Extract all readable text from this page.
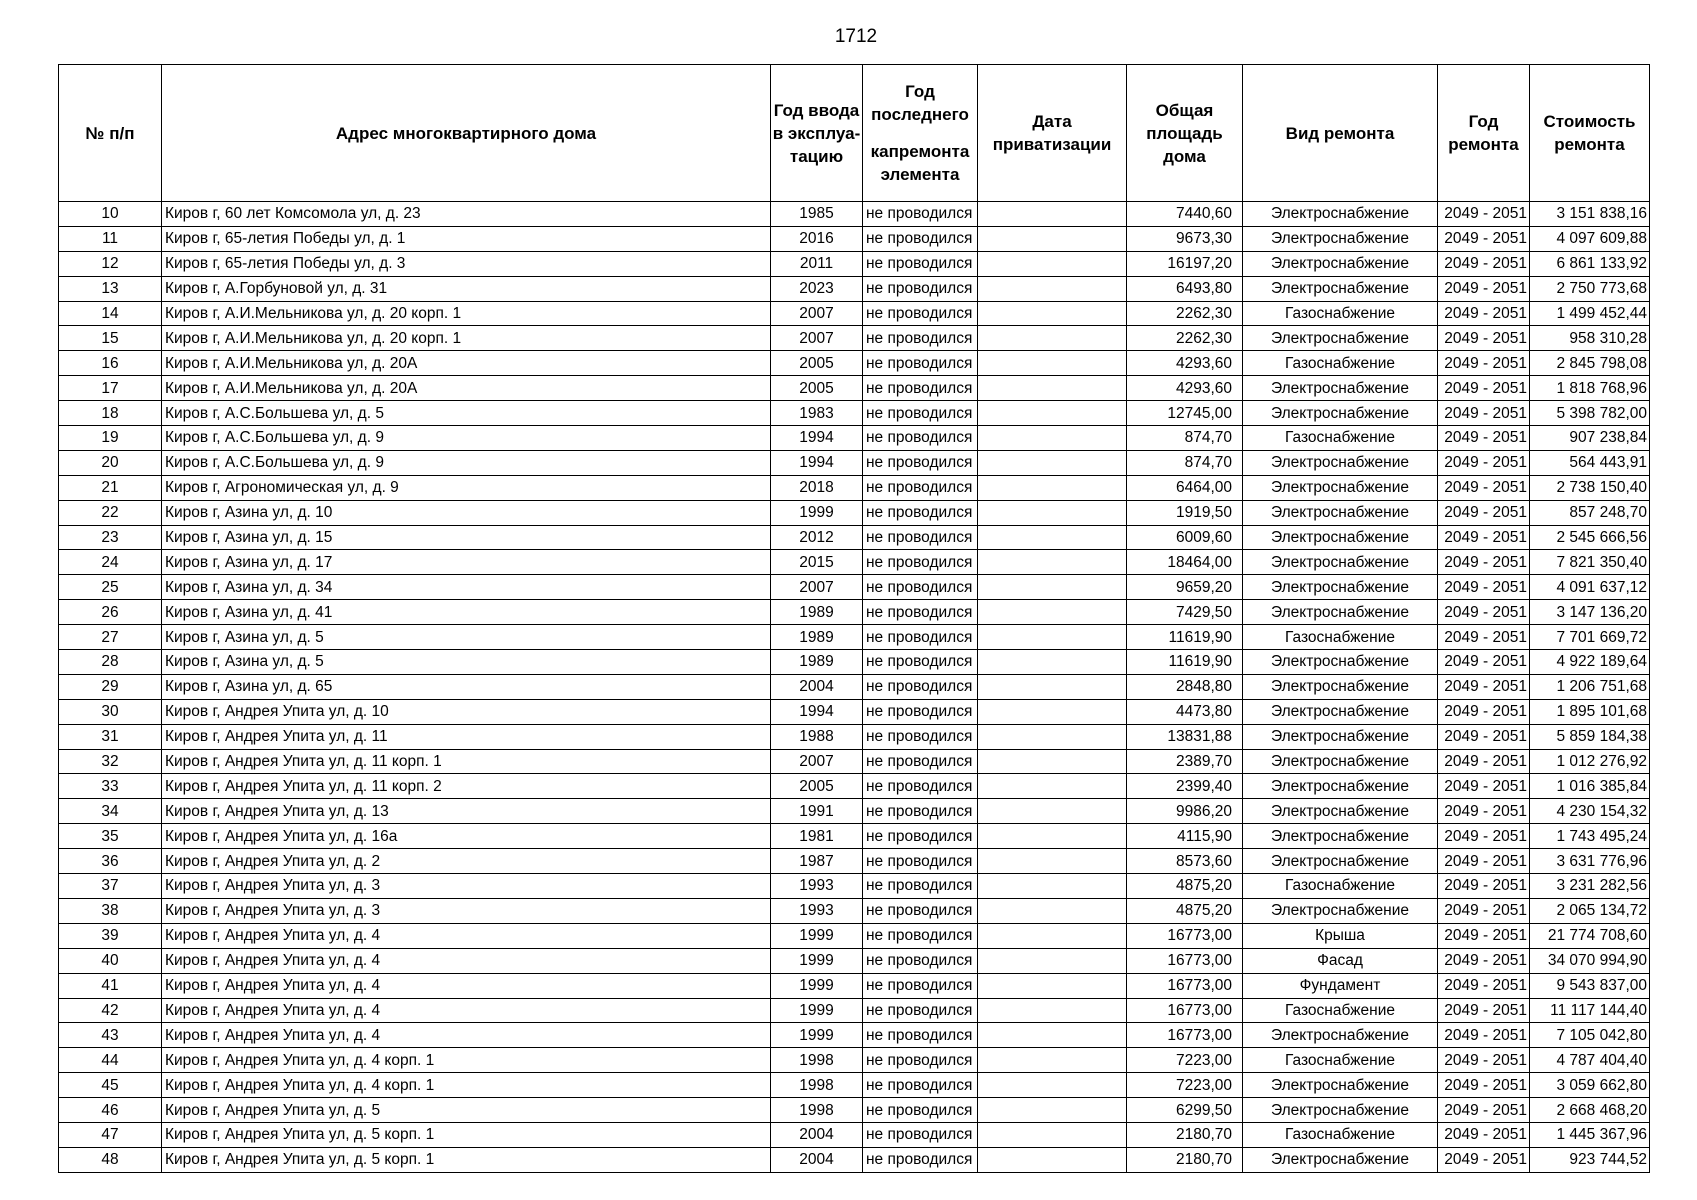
1712
№ п/п	Адрес многоквартирного дома	Год ввода в эксплуа-тацию	Год последнего
капремонта элемента	Дата приватизации	Общая площадь дома	Вид ремонта	Год ремонта	Стоимость ремонта
10	Киров г, 60 лет Комсомола ул, д. 23	1985	не проводился		7440,60	Электроснабжение	2049 - 2051	3 151 838,16
11	Киров г, 65-летия Победы ул, д. 1	2016	не проводился		9673,30	Электроснабжение	2049 - 2051	4 097 609,88
12	Киров г, 65-летия Победы ул, д. 3	2011	не проводился		16197,20	Электроснабжение	2049 - 2051	6 861 133,92
13	Киров г, А.Горбуновой ул, д. 31	2023	не проводился		6493,80	Электроснабжение	2049 - 2051	2 750 773,68
14	Киров г, А.И.Мельникова ул, д. 20 корп. 1	2007	не проводился		2262,30	Газоснабжение	2049 - 2051	1 499 452,44
15	Киров г, А.И.Мельникова ул, д. 20 корп. 1	2007	не проводился		2262,30	Электроснабжение	2049 - 2051	958 310,28
16	Киров г, А.И.Мельникова ул, д. 20А	2005	не проводился		4293,60	Газоснабжение	2049 - 2051	2 845 798,08
17	Киров г, А.И.Мельникова ул, д. 20А	2005	не проводился		4293,60	Электроснабжение	2049 - 2051	1 818 768,96
18	Киров г, А.С.Большева ул, д. 5	1983	не проводился		12745,00	Электроснабжение	2049 - 2051	5 398 782,00
19	Киров г, А.С.Большева ул, д. 9	1994	не проводился		874,70	Газоснабжение	2049 - 2051	907 238,84
20	Киров г, А.С.Большева ул, д. 9	1994	не проводился		874,70	Электроснабжение	2049 - 2051	564 443,91
21	Киров г, Агрономическая ул, д. 9	2018	не проводился		6464,00	Электроснабжение	2049 - 2051	2 738 150,40
22	Киров г, Азина ул, д. 10	1999	не проводился		1919,50	Электроснабжение	2049 - 2051	857 248,70
23	Киров г, Азина ул, д. 15	2012	не проводился		6009,60	Электроснабжение	2049 - 2051	2 545 666,56
24	Киров г, Азина ул, д. 17	2015	не проводился		18464,00	Электроснабжение	2049 - 2051	7 821 350,40
25	Киров г, Азина ул, д. 34	2007	не проводился		9659,20	Электроснабжение	2049 - 2051	4 091 637,12
26	Киров г, Азина ул, д. 41	1989	не проводился		7429,50	Электроснабжение	2049 - 2051	3 147 136,20
27	Киров г, Азина ул, д. 5	1989	не проводился		11619,90	Газоснабжение	2049 - 2051	7 701 669,72
28	Киров г, Азина ул, д. 5	1989	не проводился		11619,90	Электроснабжение	2049 - 2051	4 922 189,64
29	Киров г, Азина ул, д. 65	2004	не проводился		2848,80	Электроснабжение	2049 - 2051	1 206 751,68
30	Киров г, Андрея Упита ул, д. 10	1994	не проводился		4473,80	Электроснабжение	2049 - 2051	1 895 101,68
31	Киров г, Андрея Упита ул, д. 11	1988	не проводился		13831,88	Электроснабжение	2049 - 2051	5 859 184,38
32	Киров г, Андрея Упита ул, д. 11 корп. 1	2007	не проводился		2389,70	Электроснабжение	2049 - 2051	1 012 276,92
33	Киров г, Андрея Упита ул, д. 11 корп. 2	2005	не проводился		2399,40	Электроснабжение	2049 - 2051	1 016 385,84
34	Киров г, Андрея Упита ул, д. 13	1991	не проводился		9986,20	Электроснабжение	2049 - 2051	4 230 154,32
35	Киров г, Андрея Упита ул, д. 16а	1981	не проводился		4115,90	Электроснабжение	2049 - 2051	1 743 495,24
36	Киров г, Андрея Упита ул, д. 2	1987	не проводился		8573,60	Электроснабжение	2049 - 2051	3 631 776,96
37	Киров г, Андрея Упита ул, д. 3	1993	не проводился		4875,20	Газоснабжение	2049 - 2051	3 231 282,56
38	Киров г, Андрея Упита ул, д. 3	1993	не проводился		4875,20	Электроснабжение	2049 - 2051	2 065 134,72
39	Киров г, Андрея Упита ул, д. 4	1999	не проводился		16773,00	Крыша	2049 - 2051	21 774 708,60
40	Киров г, Андрея Упита ул, д. 4	1999	не проводился		16773,00	Фасад	2049 - 2051	34 070 994,90
41	Киров г, Андрея Упита ул, д. 4	1999	не проводился		16773,00	Фундамент	2049 - 2051	9 543 837,00
42	Киров г, Андрея Упита ул, д. 4	1999	не проводился		16773,00	Газоснабжение	2049 - 2051	11 117 144,40
43	Киров г, Андрея Упита ул, д. 4	1999	не проводился		16773,00	Электроснабжение	2049 - 2051	7 105 042,80
44	Киров г, Андрея Упита ул, д. 4 корп. 1	1998	не проводился		7223,00	Газоснабжение	2049 - 2051	4 787 404,40
45	Киров г, Андрея Упита ул, д. 4 корп. 1	1998	не проводился		7223,00	Электроснабжение	2049 - 2051	3 059 662,80
46	Киров г, Андрея Упита ул, д. 5	1998	не проводился		6299,50	Электроснабжение	2049 - 2051	2 668 468,20
47	Киров г, Андрея Упита ул, д. 5 корп. 1	2004	не проводился		2180,70	Газоснабжение	2049 - 2051	1 445 367,96
48	Киров г, Андрея Упита ул, д. 5 корп. 1	2004	не проводился		2180,70	Электроснабжение	2049 - 2051	923 744,52
